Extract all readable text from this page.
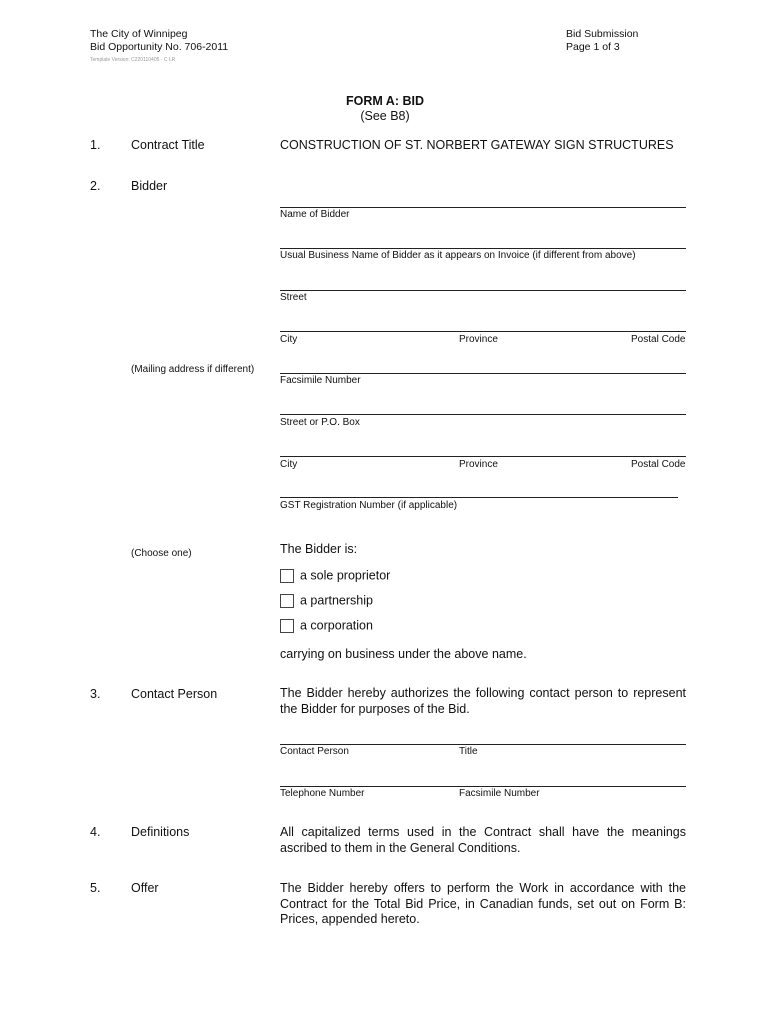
The City of Winnipeg
Bid Opportunity No. 706-2011
Bid Submission
Page 1 of 3
Template Version: C220110405 - C LR
FORM A: BID
(See B8)
1. Contract Title	CONSTRUCTION OF ST. NORBERT GATEWAY SIGN STRUCTURES
2. Bidder
Name of Bidder
Usual Business Name of Bidder as it appears on Invoice (if different from above)
Street
City	Province	Postal Code
(Mailing address if different)
Facsimile Number
Street or P.O. Box
City	Province	Postal Code
GST Registration Number (if applicable)
(Choose one)	The Bidder is:
a sole proprietor
a partnership
a corporation
carrying on business under the above name.
3. Contact Person	The Bidder hereby authorizes the following contact person to represent the Bidder for purposes of the Bid.
Contact Person	Title
Telephone Number	Facsimile Number
4. Definitions	All capitalized terms used in the Contract shall have the meanings ascribed to them in the General Conditions.
5. Offer	The Bidder hereby offers to perform the Work in accordance with the Contract for the Total Bid Price, in Canadian funds, set out on Form B: Prices, appended hereto.
